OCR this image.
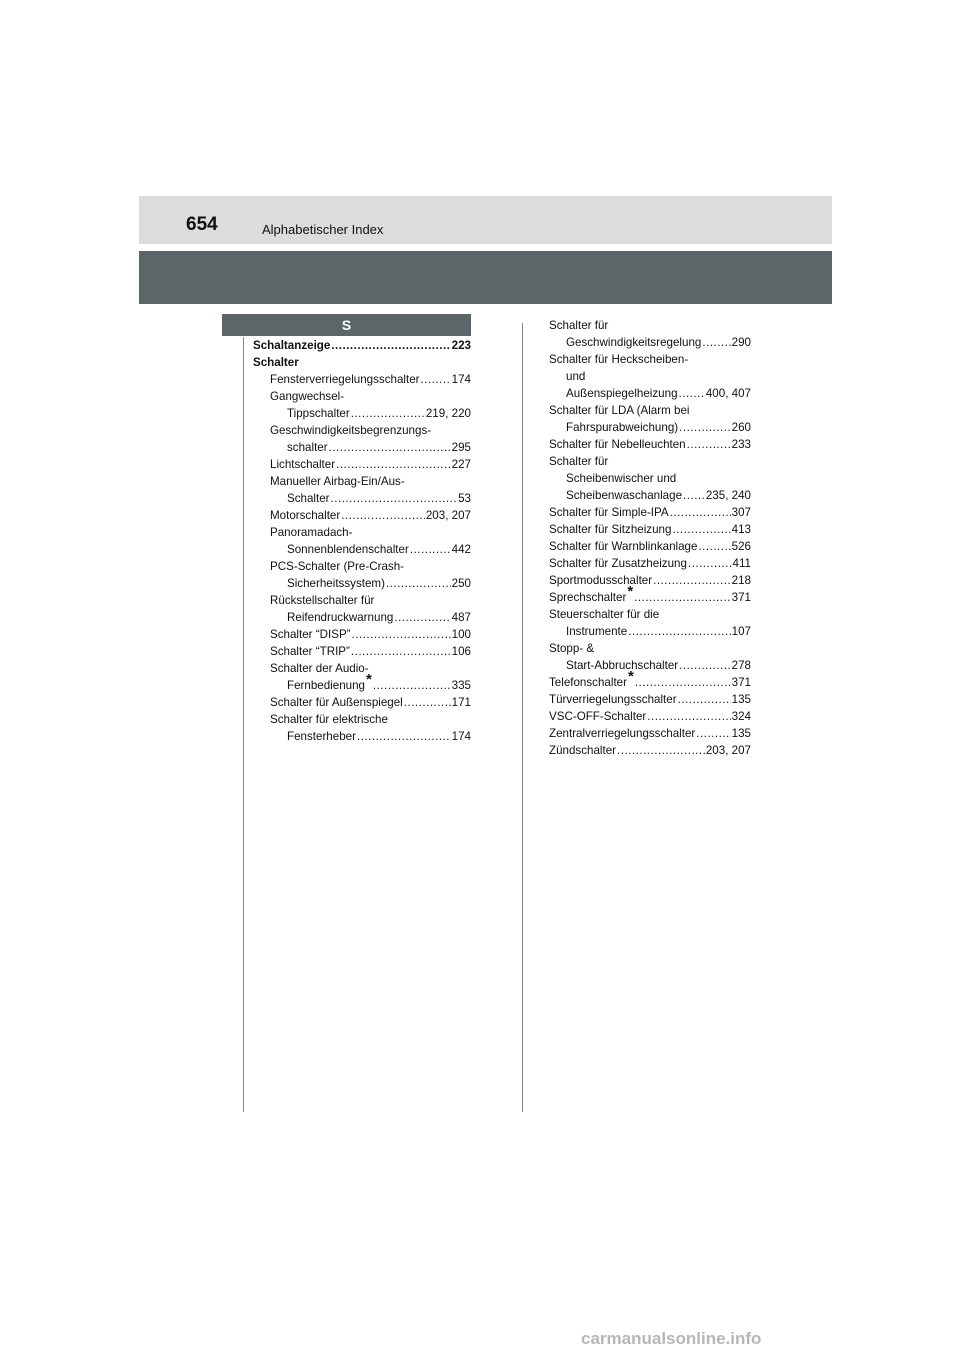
654	Alphabetischer Index
S
Schaltanzeige .....	223
Schalter
Fensterverriegelungsschalter .....	174
Gangwechsel-
Tippschalter .....	219, 220
Geschwindigkeitsbegrenzungs-
schalter .....	295
Lichtschalter .....	227
Manueller Airbag-Ein/Aus-
Schalter .....	53
Motorschalter .....	203, 207
Panoramadach-
Sonnenblendenschalter .....	442
PCS-Schalter (Pre-Crash-
Sicherheitssystem) .....	250
Rückstellschalter für
Reifendruckwarnung .....	487
Schalter “DISP” .....	100
Schalter “TRIP” .....	106
Schalter der Audio-
Fernbedienung * .....	335
Schalter für Außenspiegel .....	171
Schalter für elektrische
Fensterheber .....	174
Schalter für
Geschwindigkeitsregelung .....	290
Schalter für Heckscheiben-
und
Außenspiegelheizung ..... 400, 407
Schalter für LDA (Alarm bei
Fahrspurabweichung) .....	260
Schalter für Nebelleuchten .....	233
Schalter für
Scheibenwischer und
Scheibenwaschanlage ..... 235, 240
Schalter für Simple-IPA .....	307
Schalter für Sitzheizung .....	413
Schalter für Warnblinkanlage .....	526
Schalter für Zusatzheizung .....	411
Sportmodusschalter .....	218
Sprechschalter * .....	371
Steuerschalter für die
Instrumente .....	107
Stopp- &
Start-Abbruchschalter .....	278
Telefonschalter * .....	371
Türverriegelungsschalter .....	135
VSC-OFF-Schalter .....	324
Zentralverriegelungsschalter .....	135
Zündschalter .....	203, 207
carmanualsonline.info
